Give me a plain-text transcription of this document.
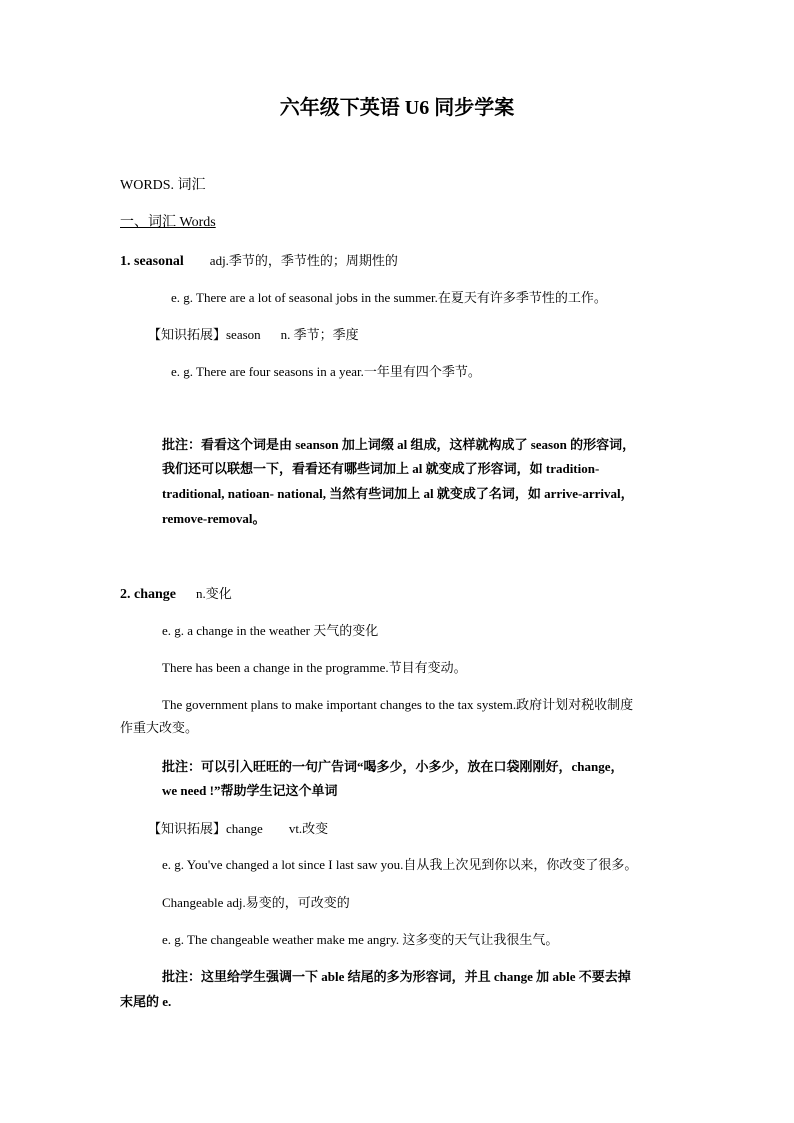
六年级下英语 U6 同步学案
WORDS. 词汇
一、词汇 Words
1. seasonal adj.季节的，季节性的；周期性的
e. g. There are a lot of seasonal jobs in the summer.在夏天有许多季节性的工作。
【知识拓展】season n. 季节；季度
e. g. There are four seasons in a year.一年里有四个季节。
批注：看看这个词是由 seanson 加上词缀 al 组成，这样就构成了 season 的形容词，
我们还可以联想一下，看看还有哪些词加上 al 就变成了形容词，如 tradition-
traditional, natioan- national, 当然有些词加上 al 就变成了名词，如 arrive-arrival，
remove-removal。
2. change n.变化
e. g. a change in the weather 天气的变化
There has been a change in the programme.节目有变动。
The government plans to make important changes to the tax system.政府计划对税收制度
作重大改变。
批注：可以引入旺旺的一句广告词“喝多少，小多少，放在口袋刚刚好，change，
we need !”帮助学生记这个单词
【知识拓展】change vt.改变
e. g. You've changed a lot since I last saw you.自从我上次见到你以来，你改变了很多。
Changeable adj.易变的，可改变的
e. g. The changeable weather make me angry. 这多变的天气让我很生气。
批注：这里给学生强调一下 able 结尾的多为形容词，并且 change 加 able 不要去掉
末尾的 e.
